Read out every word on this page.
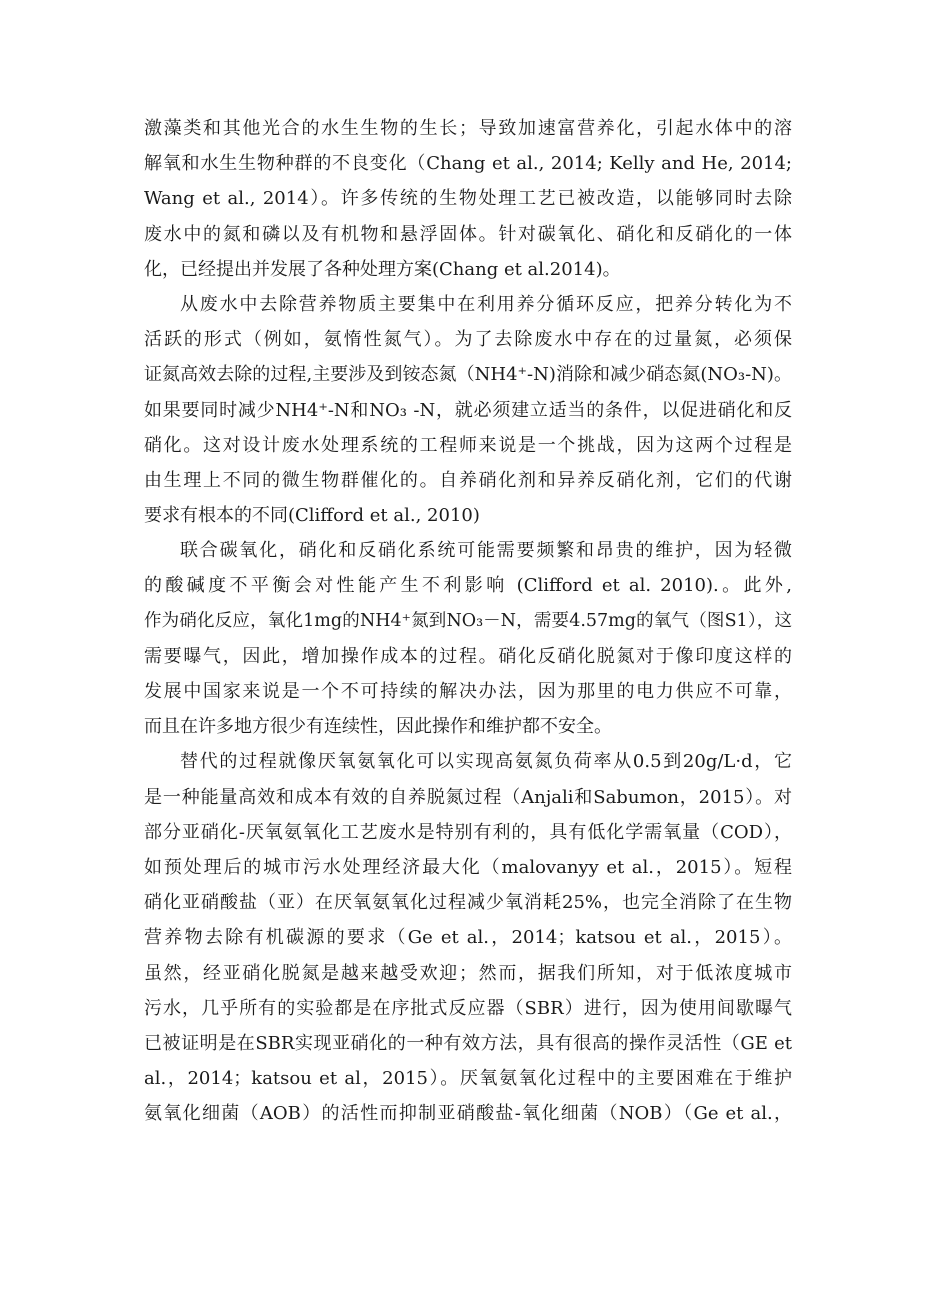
激藻类和其他光合的水生生物的生长；导致加速富营养化，引起水体中的溶
解氧和水生生物种群的不良变化（Chang et al., 2014; Kelly and He, 2014;
Wang et al., 2014）。许多传统的生物处理工艺已被改造，以能够同时去除
废水中的氮和磷以及有机物和悬浮固体。针对碳氧化、硝化和反硝化的一体
化，已经提出并发展了各种处理方案(Chang et al.2014)。
从废水中去除营养物质主要集中在利用养分循环反应，把养分转化为不
活跃的形式（例如，氨惰性氮气）。为了去除废水中存在的过量氮，必须保
证氮高效去除的过程,主要涉及到铵态氮（NH4⁺-N)消除和减少硝态氮(NO₃-N)。
如果要同时减少NH4⁺-N和NO₃ -N，就必须建立适当的条件，以促进硝化和反
硝化。这对设计废水处理系统的工程师来说是一个挑战，因为这两个过程是
由生理上不同的微生物群催化的。自养硝化剂和异养反硝化剂，它们的代谢
要求有根本的不同(Clifford et al., 2010)
联合碳氧化，硝化和反硝化系统可能需要频繁和昂贵的维护，因为轻微
的酸碱度不平衡会对性能产生不利影响 (Clifford et al. 2010).。此外,
作为硝化反应，氧化1mg的NH4⁺氮到NO₃－N，需要4.57mg的氧气（图S1），这
需要曝气，因此，增加操作成本的过程。硝化反硝化脱氮对于像印度这样的
发展中国家来说是一个不可持续的解决办法，因为那里的电力供应不可靠，
而且在许多地方很少有连续性，因此操作和维护都不安全。
替代的过程就像厌氧氨氧化可以实现高氨氮负荷率从0.5到20g/L·d，它
是一种能量高效和成本有效的自养脱氮过程（Anjali和Sabumon，2015）。对
部分亚硝化-厌氧氨氧化工艺废水是特别有利的，具有低化学需氧量（COD），
如预处理后的城市污水处理经济最大化（malovanyy et al.，2015）。短程
硝化亚硝酸盐（亚）在厌氧氨氧化过程减少氧消耗25%，也完全消除了在生物
营养物去除有机碳源的要求（Ge et al.，2014；katsou et al.，2015）。
虽然，经亚硝化脱氮是越来越受欢迎；然而，据我们所知，对于低浓度城市
污水，几乎所有的实验都是在序批式反应器（SBR）进行，因为使用间歇曝气
已被证明是在SBR实现亚硝化的一种有效方法，具有很高的操作灵活性（GE et
al.，2014；katsou et al，2015）。厌氧氨氧化过程中的主要困难在于维护
氨氧化细菌（AOB）的活性而抑制亚硝酸盐-氧化细菌（NOB）（Ge et al.，
